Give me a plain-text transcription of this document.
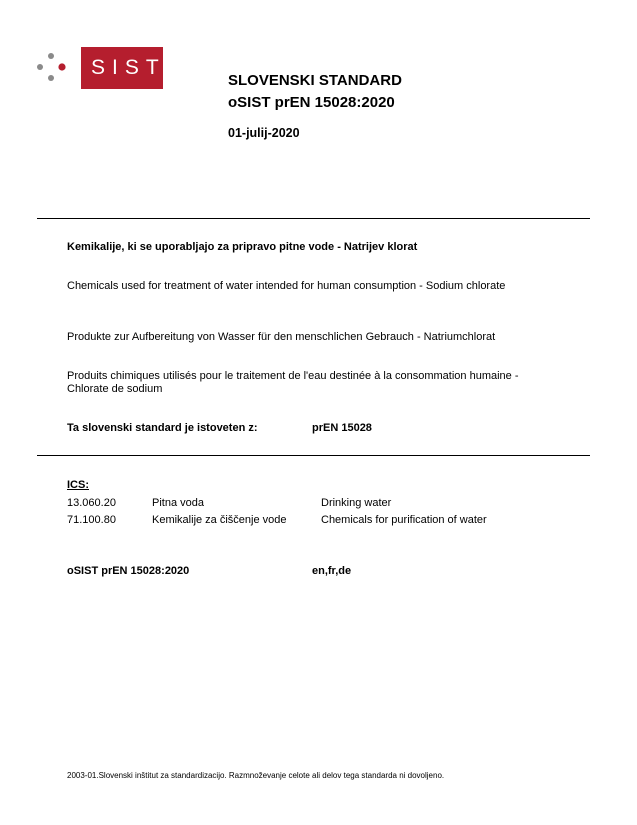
SIST
SLOVENSKI STANDARD
oSIST prEN 15028:2020
01-julij-2020
Kemikalije, ki se uporabljajo za pripravo pitne vode - Natrijev klorat
Chemicals used for treatment of water intended for human consumption - Sodium chlorate
Produkte zur Aufbereitung von Wasser für den menschlichen Gebrauch - Natriumchlorat
Produits chimiques utilisés pour le traitement de l'eau destinée à la consommation humaine - Chlorate de sodium
Ta slovenski standard je istoveten z:	prEN 15028
ICS:
13.060.20	Pitna voda	Drinking water
71.100.80	Kemikalije za čiščenje vode	Chemicals for purification of water
oSIST prEN 15028:2020	en,fr,de
2003-01.Slovenski inštitut za standardizacijo. Razmnoževanje celote ali delov tega standarda ni dovoljeno.
